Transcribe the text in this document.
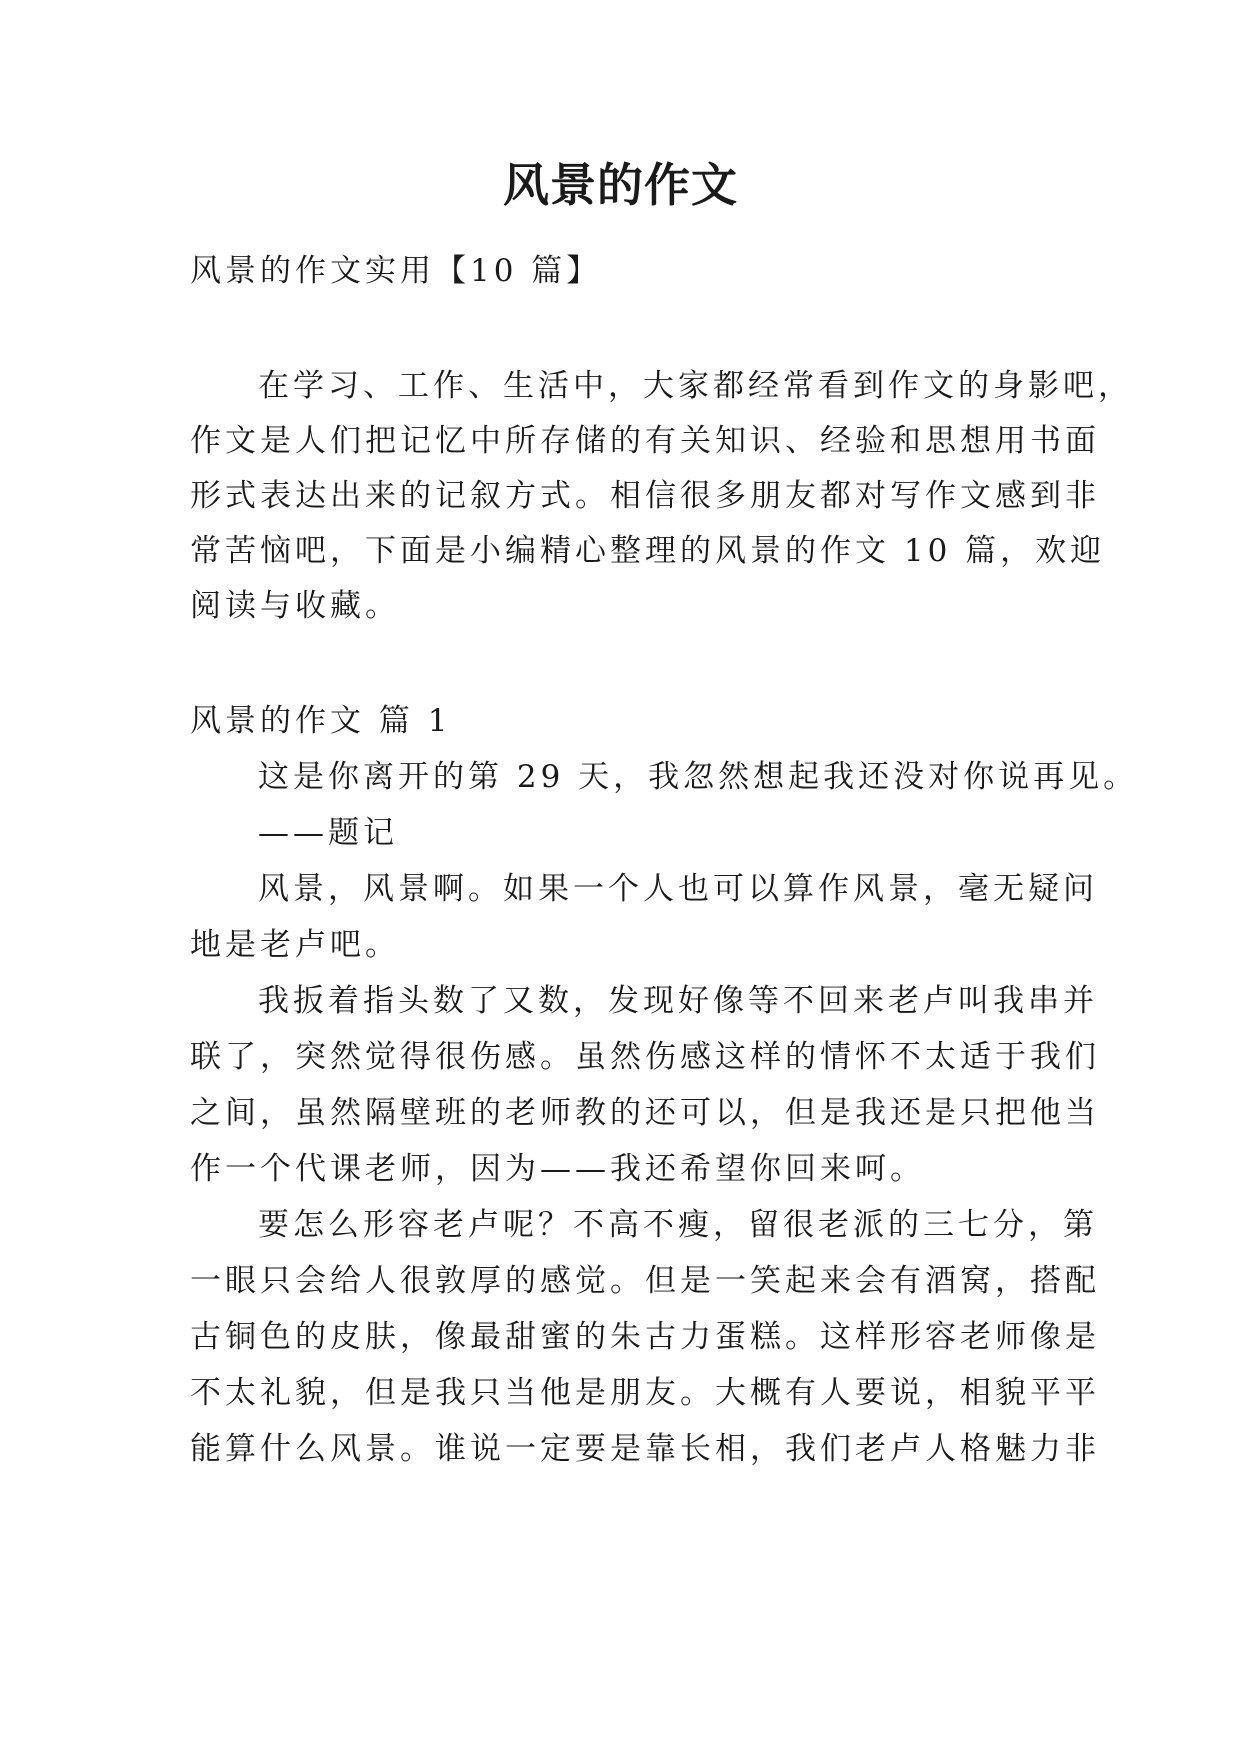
风景的作文

风景的作文实用【10 篇】

在学习、工作、生活中，大家都经常看到作文的身影吧，

作文是人们把记忆中所存储的有关知识、经验和思想用书面

形式表达出来的记叙方式。相信很多朋友都对写作文感到非

常苦恼吧，下面是小编精心整理的风景的作文 10 篇，欢迎

阅读与收藏。

风景的作文 篇 1

这是你离开的第 29 天，我忽然想起我还没对你说再见。

——题记

风景，风景啊。如果一个人也可以算作风景，毫无疑问

地是老卢吧。

我扳着指头数了又数，发现好像等不回来老卢叫我串并

联了，突然觉得很伤感。虽然伤感这样的情怀不太适于我们

之间，虽然隔壁班的老师教的还可以，但是我还是只把他当

作一个代课老师，因为——我还希望你回来呵。

要怎么形容老卢呢？不高不瘦，留很老派的三七分，第

一眼只会给人很敦厚的感觉。但是一笑起来会有酒窝，搭配

古铜色的皮肤，像最甜蜜的朱古力蛋糕。这样形容老师像是

不太礼貌，但是我只当他是朋友。大概有人要说，相貌平平

能算什么风景。谁说一定要是靠长相，我们老卢人格魅力非
